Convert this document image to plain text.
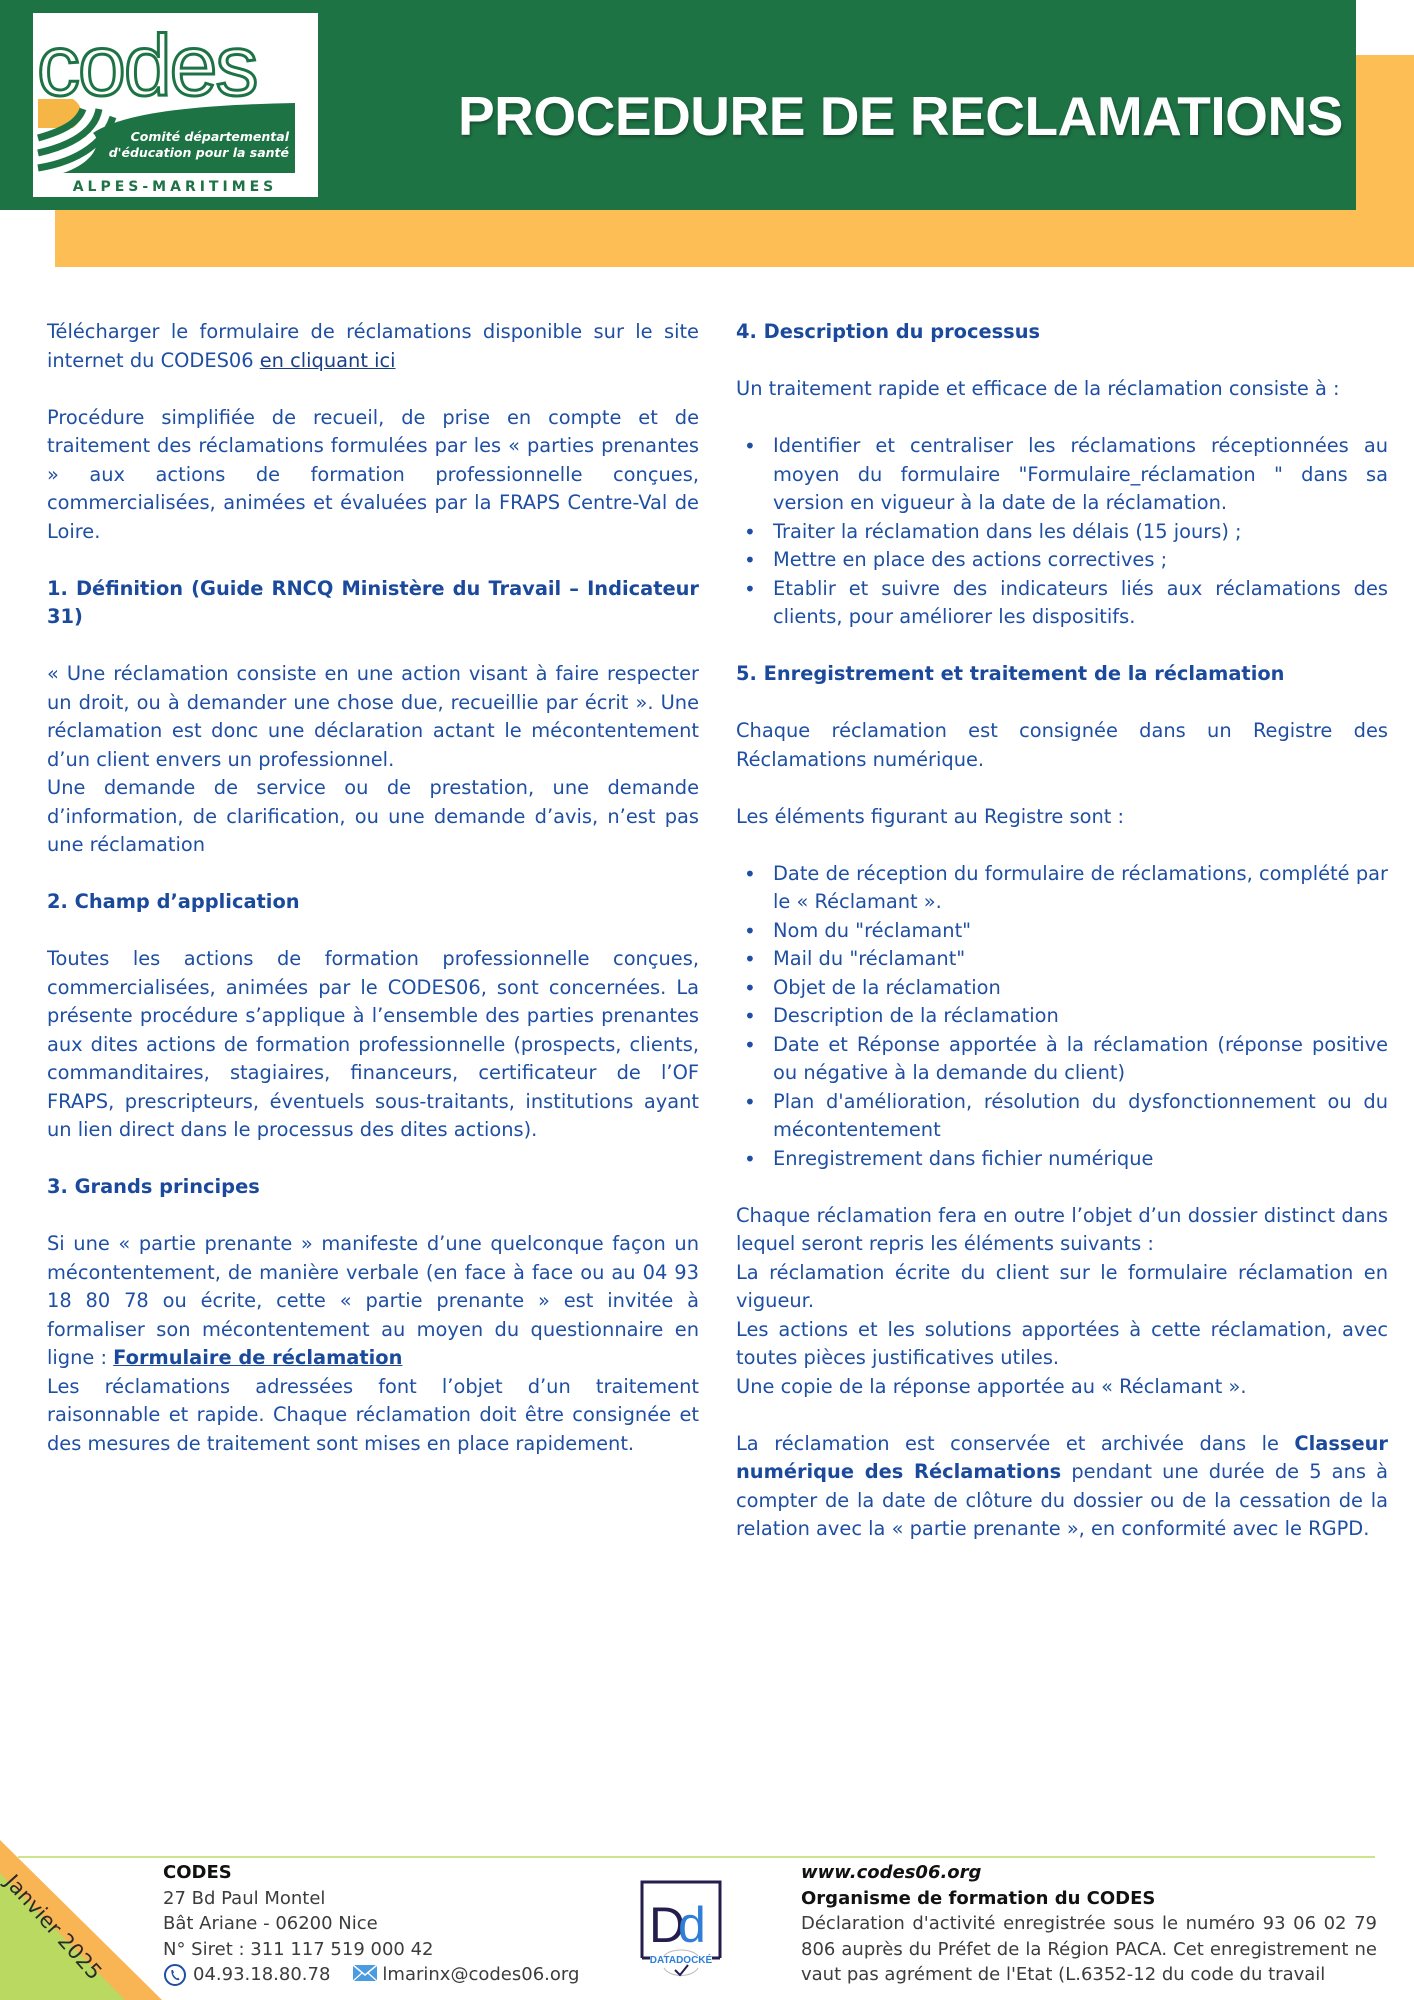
codes
Comité départemental
d'éducation pour la santé
ALPES-MARITIMES
PROCEDURE DE RECLAMATIONS

Télécharger le formulaire de réclamations disponible sur le site internet du CODES06 en cliquant ici

Procédure simplifiée de recueil, de prise en compte et de traitement des réclamations formulées par les « parties prenantes » aux actions de formation professionnelle conçues, commercialisées, animées et évaluées par la FRAPS Centre-Val de Loire.

1. Définition (Guide RNCQ Ministère du Travail – Indicateur 31)

« Une réclamation consiste en une action visant à faire respecter un droit, ou à demander une chose due, recueillie par écrit ». Une réclamation est donc une déclaration actant le mécontentement d’un client envers un professionnel.

Une demande de service ou de prestation, une demande d’information, de clarification, ou une demande d’avis, n’est pas une réclamation

2. Champ d’application

Toutes les actions de formation professionnelle conçues, commercialisées, animées par le CODES06, sont concernées. La présente procédure s’applique à l’ensemble des parties prenantes aux dites actions de formation professionnelle (prospects, clients, commanditaires, stagiaires, financeurs, certificateur de l’OF FRAPS, prescripteurs, éventuels sous-traitants, institutions ayant un lien direct dans le processus des dites actions).

3. Grands principes

Si une « partie prenante » manifeste d’une quelconque façon un mécontentement, de manière verbale (en face à face ou au 04 93 18 80 78 ou écrite, cette « partie prenante » est invitée à formaliser son mécontentement au moyen du questionnaire en ligne : Formulaire de réclamation

Les réclamations adressées font l’objet d’un traitement raisonnable et rapide. Chaque réclamation doit être consignée et des mesures de traitement sont mises en place rapidement.

4. Description du processus

Un traitement rapide et efficace de la réclamation consiste à :

• Identifier et centraliser les réclamations réceptionnées au moyen du formulaire "Formulaire_réclamation " dans sa version en vigueur à la date de la réclamation.
• Traiter la réclamation dans les délais (15 jours) ;
• Mettre en place des actions correctives ;
• Etablir et suivre des indicateurs liés aux réclamations des clients, pour améliorer les dispositifs.

5. Enregistrement et traitement de la réclamation

Chaque réclamation est consignée dans un Registre des Réclamations numérique.

Les éléments figurant au Registre sont :

• Date de réception du formulaire de réclamations, complété par le « Réclamant ».
• Nom du "réclamant"
• Mail du "réclamant"
• Objet de la réclamation
• Description de la réclamation
• Date et Réponse apportée à la réclamation (réponse positive ou négative à la demande du client)
• Plan d'amélioration, résolution du dysfonctionnement ou du mécontentement
• Enregistrement dans fichier numérique

Chaque réclamation fera en outre l’objet d’un dossier distinct dans lequel seront repris les éléments suivants :

La réclamation écrite du client sur le formulaire réclamation en vigueur.

Les actions et les solutions apportées à cette réclamation, avec toutes pièces justificatives utiles.

Une copie de la réponse apportée au « Réclamant ».

La réclamation est conservée et archivée dans le Classeur numérique des Réclamations pendant une durée de 5 ans à compter de la date de clôture du dossier ou de la cessation de la relation avec la « partie prenante », en conformité avec le RGPD.

Janvier 2025	CODES
27 Bd Paul Montel
Bât Ariane - 06200 Nice
N° Siret : 311 117 519 000 42
04.93.18.80.78	lmarinx@codes06.org
D
d
DATADOCKÉ
www.codes06.org
Organisme de formation du CODES
Déclaration d'activité enregistrée sous le numéro 93 06 02 79 806 auprès du Préfet de la Région PACA. Cet enregistrement ne vaut pas agrément de l'Etat (L.6352-12 du code du travail
